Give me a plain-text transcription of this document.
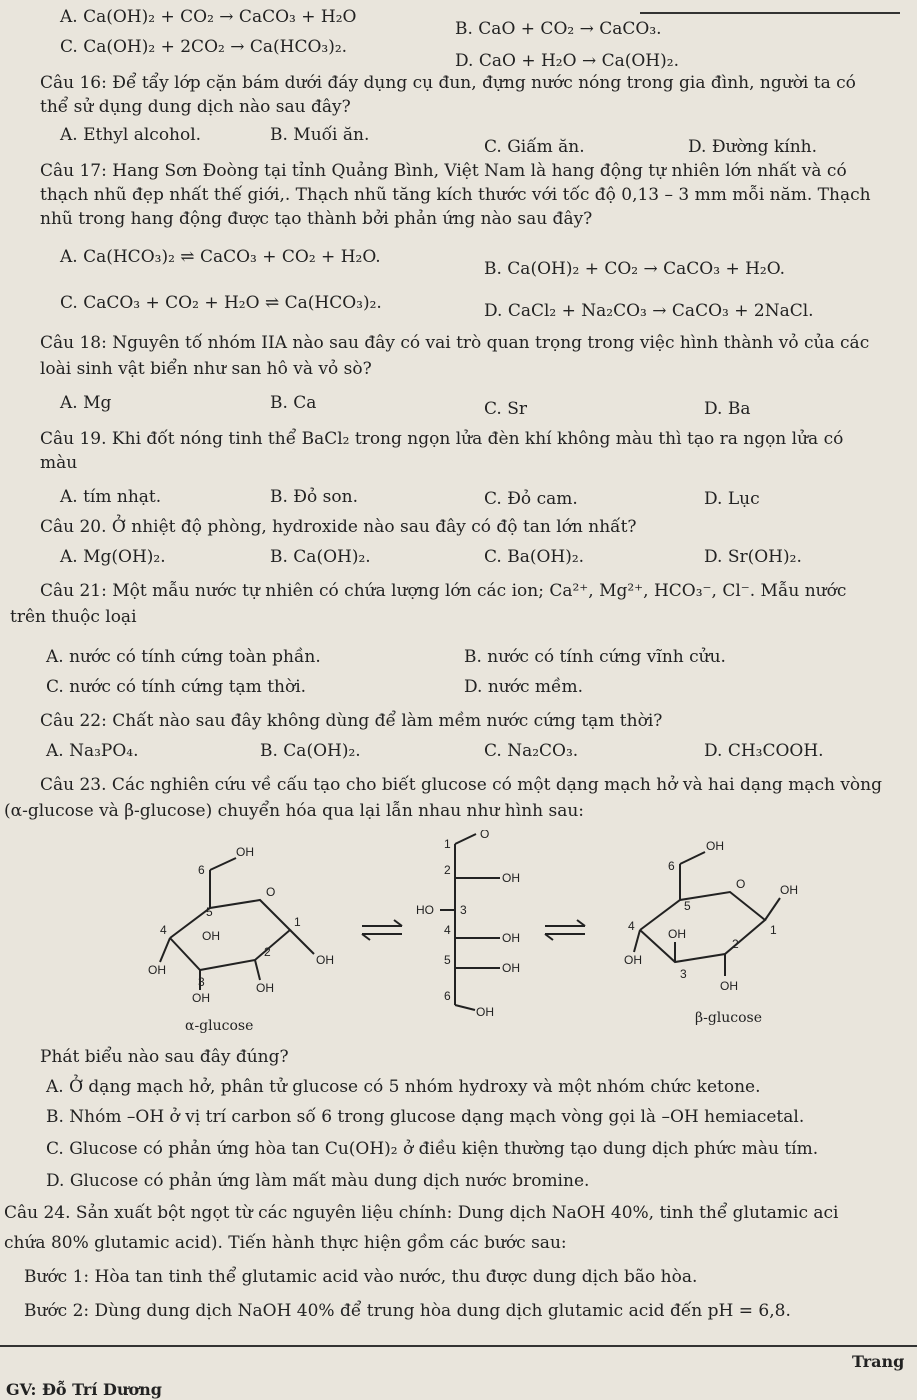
A. Ca(OH)₂ + CO₂ → CaCO₃ + H₂O
B. CaO + CO₂ → CaCO₃.
C. Ca(OH)₂ + 2CO₂ → Ca(HCO₃)₂.
D. CaO + H₂O → Ca(OH)₂.
Câu 16: Để tẩy lớp cặn bám dưới đáy dụng cụ đun, đựng nước nóng trong gia đình, người ta có
thể sử dụng dung dịch nào sau đây?
A. Ethyl alcohol.	B. Muối ăn.
C. Giấm ăn.	D. Đường kính.
Câu 17: Hang Sơn Đoòng tại tỉnh Quảng Bình, Việt Nam là hang động tự nhiên lớn nhất và có
thạch nhũ đẹp nhất thế giới,. Thạch nhũ tăng kích thước với tốc độ 0,13 – 3 mm mỗi năm. Thạch
nhũ trong hang động được tạo thành bởi phản ứng nào sau đây?
A. Ca(HCO₃)₂ ⇌ CaCO₃ + CO₂ + H₂O.
B. Ca(OH)₂ + CO₂ → CaCO₃ + H₂O.
C. CaCO₃ + CO₂ + H₂O ⇌ Ca(HCO₃)₂.	D. CaCl₂ + Na₂CO₃ → CaCO₃ + 2NaCl.
Câu 18: Nguyên tố nhóm IIA nào sau đây có vai trò quan trọng trong việc hình thành vỏ của các
loài sinh vật biển như san hô và vỏ sò?
A. Mg	B. Ca	C. Sr	D. Ba
Câu 19. Khi đốt nóng tinh thể BaCl₂ trong ngọn lửa đèn khí không màu thì tạo ra ngọn lửa có
màu
A. tím nhạt.	B. Đỏ son.	C. Đỏ cam.	D. Lục
Câu 20. Ở nhiệt độ phòng, hydroxide nào sau đây có độ tan lớn nhất?
A. Mg(OH)₂.	B. Ca(OH)₂.	C. Ba(OH)₂.	D. Sr(OH)₂.
Câu 21: Một mẫu nước tự nhiên có chứa lượng lớn các ion; Ca²⁺, Mg²⁺, HCO₃⁻, Cl⁻. Mẫu nước
trên thuộc loại
A. nước có tính cứng toàn phần.	B. nước có tính cứng vĩnh cửu.
C. nước có tính cứng tạm thời.	D. nước mềm.
Câu 22: Chất nào sau đây không dùng để làm mềm nước cứng tạm thời?
A. Na₃PO₄.	B. Ca(OH)₂.	C. Na₂CO₃.	D. CH₃COOH.
Câu 23. Các nghiên cứu về cấu tạo cho biết glucose có một dạng mạch hở và hai dạng mạch vòng
(α-glucose và β-glucose) chuyển hóa qua lại lẫn nhau như hình sau:
OH
O
OH
OH
OH
OH
OH
6
5
4
3
2
1
O
1
2
OH
HO 3
4
OH
5
OH
6
OH
OH
O	OH
OH
OH
OH
6
5
4
3
2
1
α-glucose	β-glucose
Phát biểu nào sau đây đúng?
A. Ở dạng mạch hở, phân tử glucose có 5 nhóm hydroxy và một nhóm chức ketone.
B. Nhóm –OH ở vị trí carbon số 6 trong glucose dạng mạch vòng gọi là –OH hemiacetal.
C. Glucose có phản ứng hòa tan Cu(OH)₂ ở điều kiện thường tạo dung dịch phức màu tím.
D. Glucose có phản ứng làm mất màu dung dịch nước bromine.
Câu 24. Sản xuất bột ngọt từ các nguyên liệu chính: Dung dịch NaOH 40%, tinh thể glutamic aci
chứa 80% glutamic acid). Tiến hành thực hiện gồm các bước sau:
Bước 1: Hòa tan tinh thể glutamic acid vào nước, thu được dung dịch bão hòa.
Bước 2: Dùng dung dịch NaOH 40% để trung hòa dung dịch glutamic acid đến pH = 6,8.
Trang
GV: Đỗ Trí Dương
